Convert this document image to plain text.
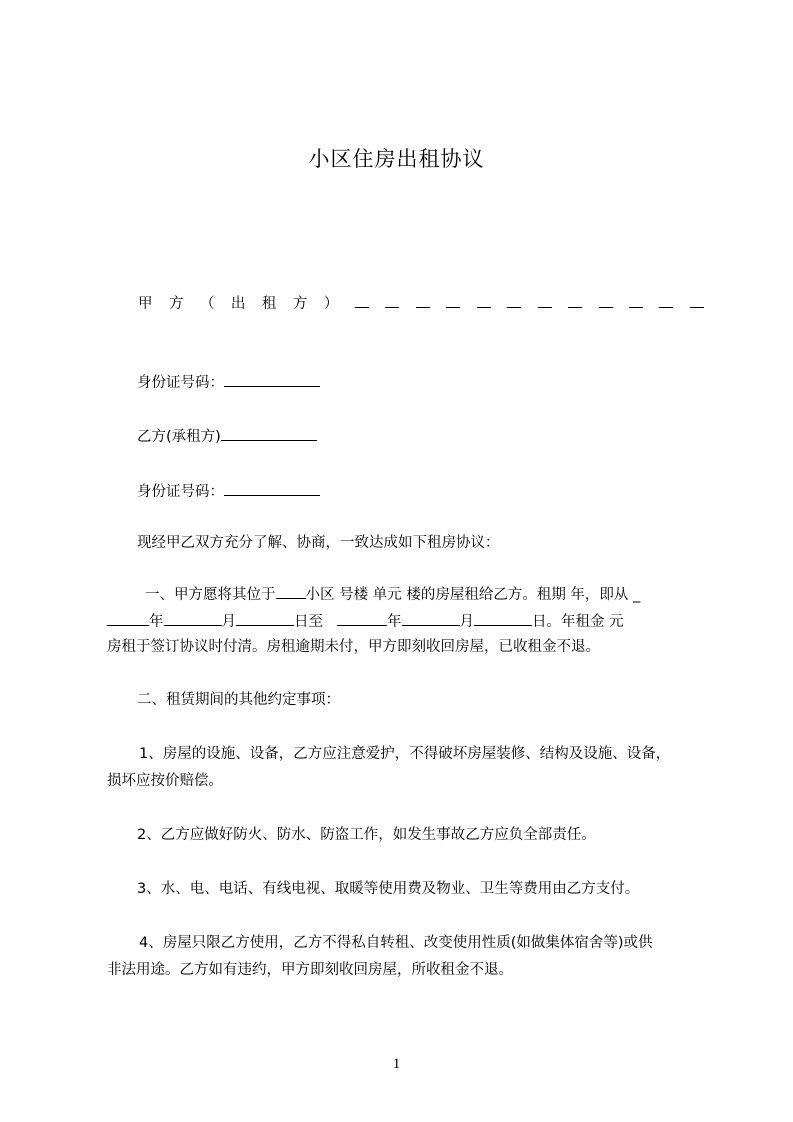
小区住房出租协议
甲 方 （ 出 租 方 ）
身份证号码：
乙方(承租方)
身份证号码：
现经甲乙双方充分了解、协商，一致达成如下租房协议：
一、甲方愿将其位于 小区 号楼 单元 楼的房屋租给乙方。租期 年，即从 _
年	月	日至	年	月	日。年租金 元
房租于签订协议时付清。房租逾期未付，甲方即刻收回房屋，已收租金不退。
二、租赁期间的其他约定事项：
1、房屋的设施、设备，乙方应注意爱护，不得破坏房屋装修、结构及设施、设备，
损坏应按价赔偿。
2、乙方应做好防火、防水、防盗工作，如发生事故乙方应负全部责任。
3、水、电、电话、有线电视、取暖等使用费及物业、卫生等费用由乙方支付。
4、房屋只限乙方使用，乙方不得私自转租、改变使用性质(如做集体宿舍等)或供
非法用途。乙方如有违约，甲方即刻收回房屋，所收租金不退。
1
